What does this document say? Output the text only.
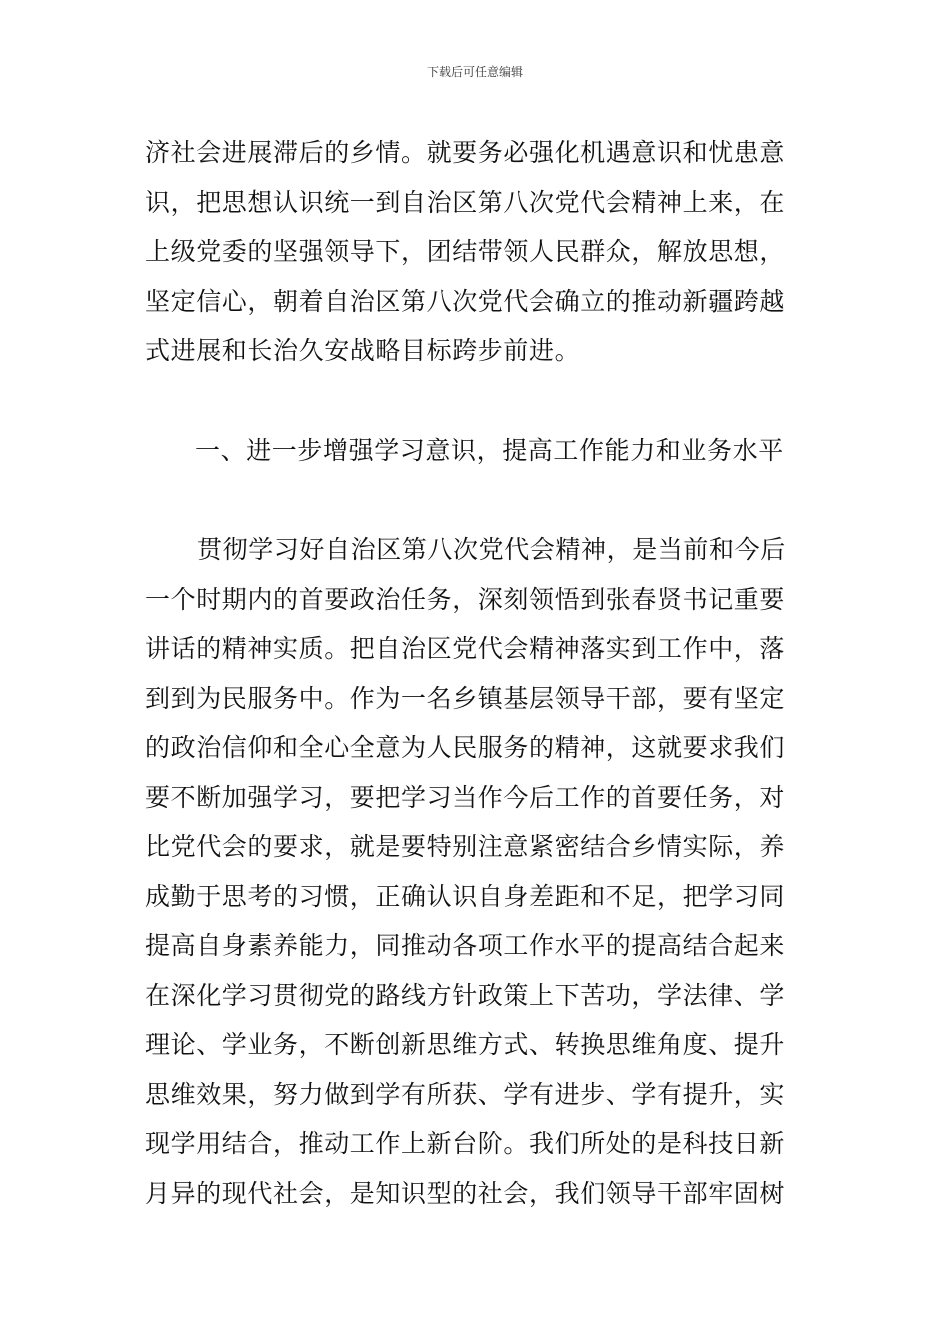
下载后可任意编辑
济社会进展滞后的乡情。就要务必强化机遇意识和忧患意
识，把思想认识统一到自治区第八次党代会精神上来，在
上级党委的坚强领导下，团结带领人民群众，解放思想，
坚定信心，朝着自治区第八次党代会确立的推动新疆跨越
式进展和长治久安战略目标跨步前进。
一、进一步增强学习意识，提高工作能力和业务水平
贯彻学习好自治区第八次党代会精神，是当前和今后
一个时期内的首要政治任务，深刻领悟到张春贤书记重要
讲话的精神实质。把自治区党代会精神落实到工作中，落
到到为民服务中。作为一名乡镇基层领导干部，要有坚定
的政治信仰和全心全意为人民服务的精神，这就要求我们
要不断加强学习，要把学习当作今后工作的首要任务，对
比党代会的要求，就是要特别注意紧密结合乡情实际，养
成勤于思考的习惯，正确认识自身差距和不足，把学习同
提高自身素养能力，同推动各项工作水平的提高结合起来
在深化学习贯彻党的路线方针政策上下苦功，学法律、学
理论、学业务，不断创新思维方式、转换思维角度、提升
思维效果，努力做到学有所获、学有进步、学有提升，实
现学用结合，推动工作上新台阶。我们所处的是科技日新
月异的现代社会，是知识型的社会，我们领导干部牢固树
